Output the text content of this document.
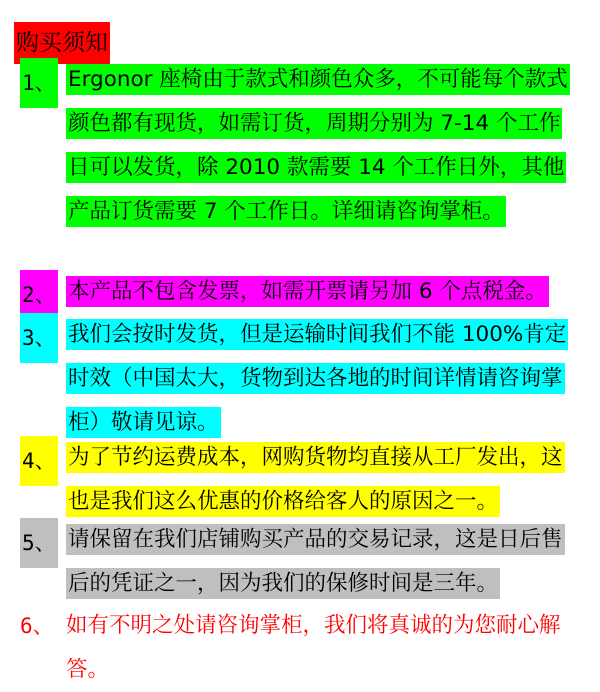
购买须知
1、 Ergonor 座椅由于款式和颜色众多，不可能每个款式颜色都有现货，如需订货，周期分别为 7-14 个工作日可以发货，除 2010 款需要 14 个工作日外，其他产品订货需要 7 个工作日。详细请咨询掌柜。
2、 本产品不包含发票，如需开票请另加 6 个点税金。
3、 我们会按时发货，但是运输时间我们不能 100%肯定时效（中国太大，货物到达各地的时间详情请咨询掌柜）敬请见谅。
4、 为了节约运费成本，网购货物均直接从工厂发出，这也是我们这么优惠的价格给客人的原因之一。
5、 请保留在我们店铺购买产品的交易记录，这是日后售后的凭证之一，因为我们的保修时间是三年。
6、 如有不明之处请咨询掌柜，我们将真诚的为您耐心解答。
